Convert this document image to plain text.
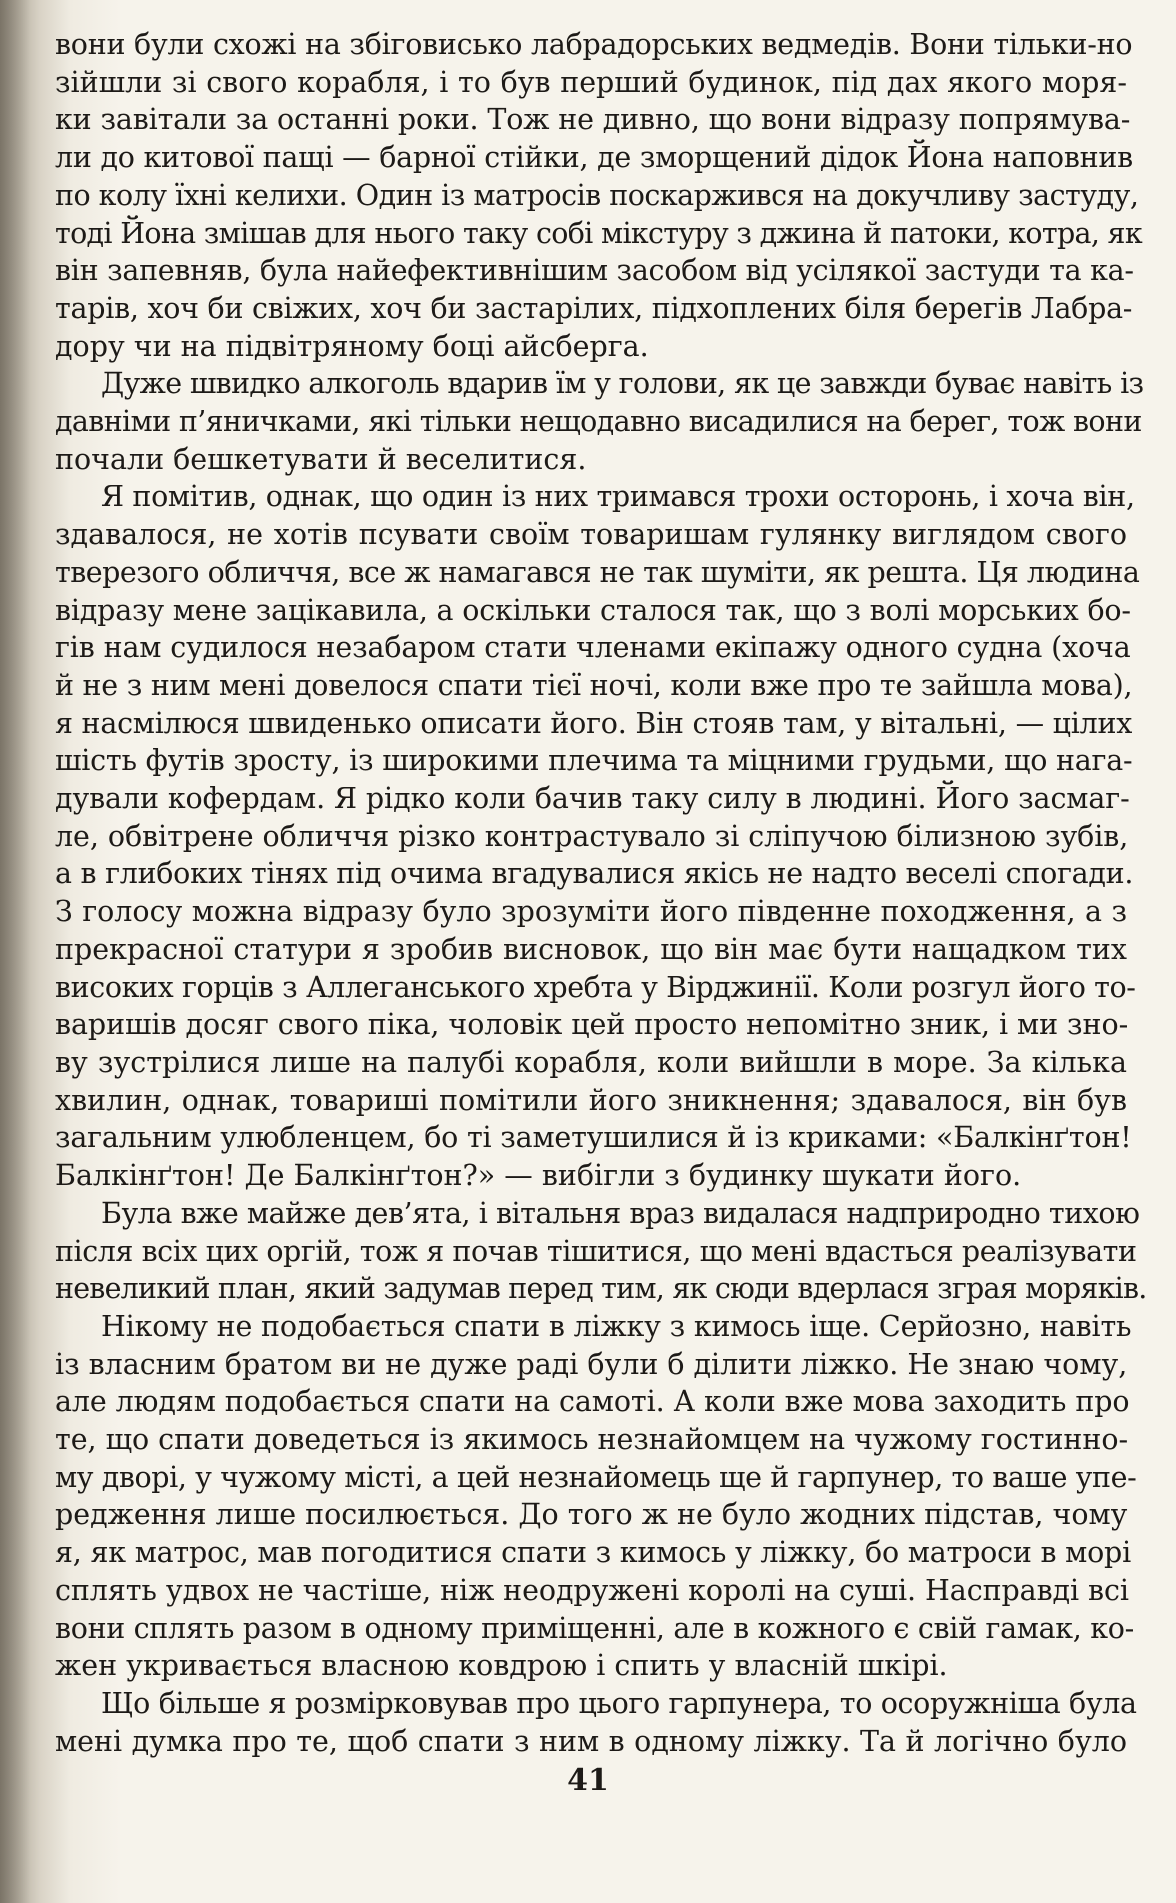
вони були схожі на збіговисько лабрадорських ведмедів. Вони тільки-но
зійшли зі свого корабля, і то був перший будинок, під дах якого моря-
ки завітали за останні роки. Тож не дивно, що вони відразу попрямува-
ли до китової пащі — барної стійки, де зморщений дідок Йона наповнив
по колу їхні келихи. Один із матросів поскаржився на докучливу застуду,
тоді Йона змішав для нього таку собі мікстуру з джина й патоки, котра, як
він запевняв, була найефективнішим засобом від усілякої застуди та ка-
тарів, хоч би свіжих, хоч би застарілих, підхоплених біля берегів Лабра-
дору чи на підвітряному боці айсберга.

Дуже швидко алкоголь вдарив їм у голови, як це завжди буває навіть із
давніми п’яничками, які тільки нещодавно висадилися на берег, тож вони
почали бешкетувати й веселитися.

Я помітив, однак, що один із них тримався трохи осторонь, і хоча він,
здавалося, не хотів псувати своїм товаришам гулянку виглядом свого
тверезого обличчя, все ж намагався не так шуміти, як решта. Ця людина
відразу мене зацікавила, а оскільки сталося так, що з волі морських бо-
гів нам судилося незабаром стати членами екіпажу одного судна (хоча
й не з ним мені довелося спати тієї ночі, коли вже про те зайшла мова),
я насмілюся швиденько описати його. Він стояв там, у вітальні, — цілих
шість футів зросту, із широкими плечима та міцними грудьми, що нага-
дували кофердам. Я рідко коли бачив таку силу в людині. Його засмаг-
ле, обвітрене обличчя різко контрастувало зі сліпучою білизною зубів,
а в глибоких тінях під очима вгадувалися якісь не надто веселі спогади.
З голосу можна відразу було зрозуміти його південне походження, а з
прекрасної статури я зробив висновок, що він має бути нащадком тих
високих горців з Аллеганського хребта у Вірджинії. Коли розгул його то-
варишів досяг свого піка, чоловік цей просто непомітно зник, і ми зно-
ву зустрілися лише на палубі корабля, коли вийшли в море. За кілька
хвилин, однак, товариші помітили його зникнення; здавалося, він був
загальним улюбленцем, бо ті заметушилися й із криками: «Балкінґтон!
Балкінґтон! Де Балкінґтон?» — вибігли з будинку шукати його.

Була вже майже дев’ята, і вітальня враз видалася надприродно тихою
після всіх цих оргій, тож я почав тішитися, що мені вдасться реалізувати
невеликий план, який задумав перед тим, як сюди вдерлася зграя моряків.

Нікому не подобається спати в ліжку з кимось іще. Серйозно, навіть
із власним братом ви не дуже раді були б ділити ліжко. Не знаю чому,
але людям подобається спати на самоті. А коли вже мова заходить про
те, що спати доведеться із якимось незнайомцем на чужому гостинно-
му дворі, у чужому місті, а цей незнайомець ще й гарпунер, то ваше упе-
редження лише посилюється. До того ж не було жодних підстав, чому
я, як матрос, мав погодитися спати з кимось у ліжку, бо матроси в морі
сплять удвох не частіше, ніж неодружені королі на суші. Насправді всі
вони сплять разом в одному приміщенні, але в кожного є свій гамак, ко-
жен укривається власною ковдрою і спить у власній шкірі.

Що більше я розмірковував про цього гарпунера, то осоружніша була
мені думка про те, щоб спати з ним в одному ліжку. Та й логічно було

41
